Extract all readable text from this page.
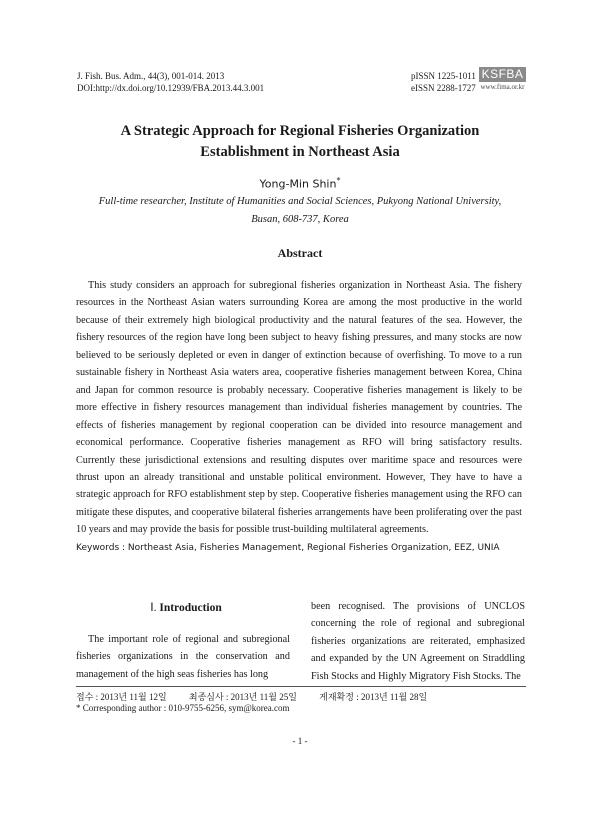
J. Fish. Bus. Adm., 44(3), 001-014. 2013
DOI:http://dx.doi.org/10.12939/FBA.2013.44.3.001
pISSN 1225-1011
eISSN 2288-1727
KSFBA
www.fima.or.kr
A Strategic Approach for Regional Fisheries Organization
Establishment in Northeast Asia
Yong-Min Shin*
Full-time researcher, Institute of Humanities and Social Sciences, Pukyong National University,
Busan, 608-737, Korea
Abstract

This study considers an approach for subregional fisheries organization in Northeast Asia. The fishery resources in the Northeast Asian waters surrounding Korea are among the most productive in the world because of their extremely high biological productivity and the natural features of the sea. However, the fishery resources of the region have long been subject to heavy fishing pressures, and many stocks are now believed to be seriously depleted or even in danger of extinction because of overfishing. To move to a run sustainable fishery in Northeast Asia waters area, cooperative fisheries management between Korea, China and Japan for common resource is probably necessary. Cooperative fisheries management is likely to be more effective in fishery resources management than individual fisheries management by countries. The effects of fisheries management by regional cooperation can be divided into resource management and economical performance. Cooperative fisheries management as RFO will bring satisfactory results. Currently these jurisdictional extensions and resulting disputes over maritime space and resources were thrust upon an already transitional and unstable political environment. However, They have to have a strategic approach for RFO establishment step by step. Cooperative fisheries management using the RFO can mitigate these disputes, and cooperative bilateral fisheries arrangements have been proliferating over the past 10 years and may provide the basis for possible trust-building multilateral agreements.

Keywords : Northeast Asia, Fisheries Management, Regional Fisheries Organization, EEZ, UNIA
Ⅰ. Introduction

The important role of regional and subregional fisheries organizations in the conservation and management of the high seas fisheries has long

been recognised. The provisions of UNCLOS concerning the role of regional and subregional fisheries organizations are reiterated, emphasized and expanded by the UN Agreement on Straddling Fish Stocks and Highly Migratory Fish Stocks. The

접수 : 2013년 11월 12일 최종심사 : 2013년 11월 25일 게재확정 : 2013년 11월 28일
* Corresponding author : 010-9755-6256, sym@korea.com
- 1 -
